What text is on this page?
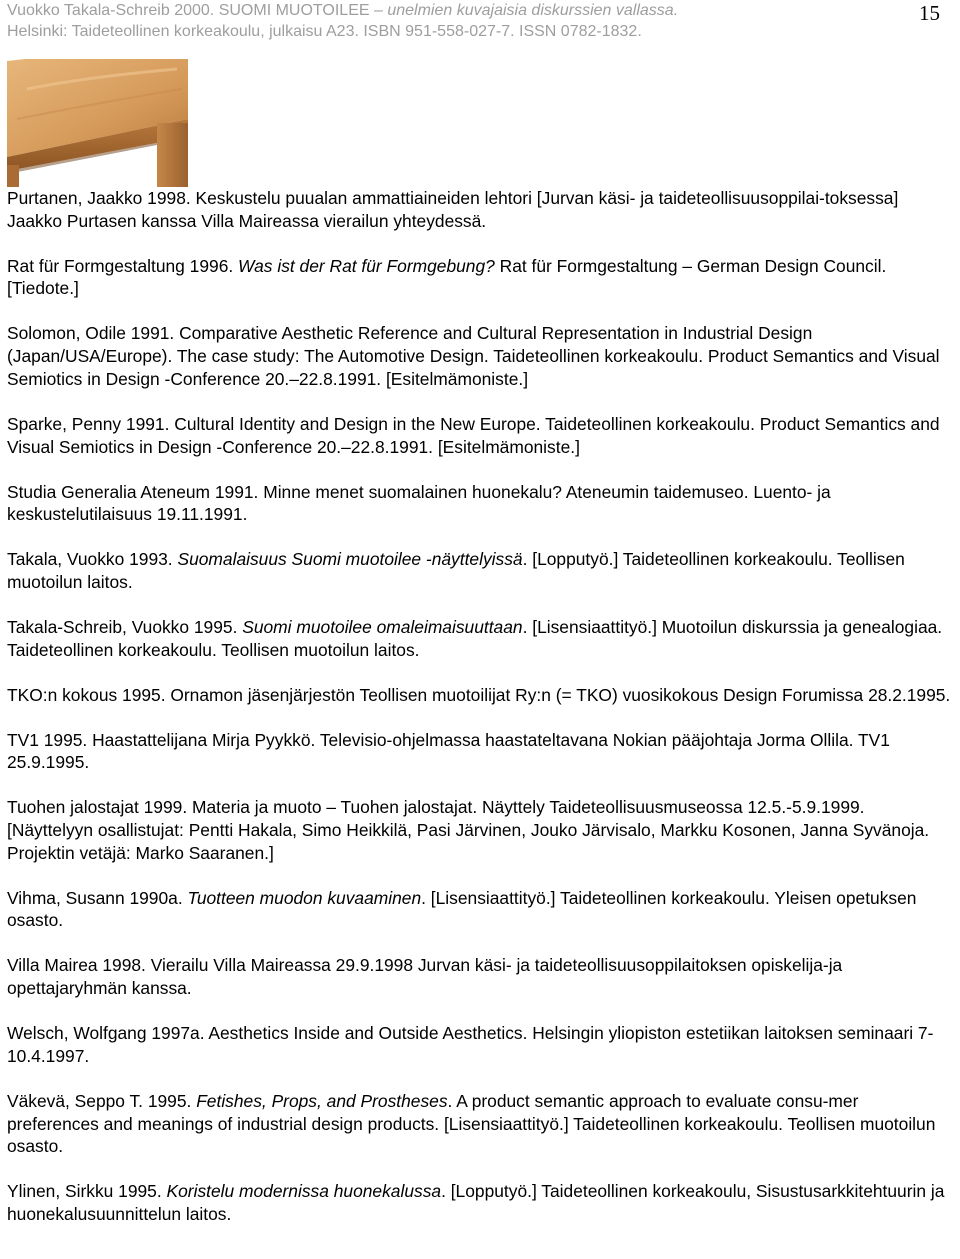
Vuokko Takala-Schreib 2000. SUOMI MUOTOILEE – unelmien kuvajaisia diskurssien vallassa.
Helsinki: Taideteollinen korkeakoulu, julkaisu A23. ISBN 951-558-027-7. ISSN 0782-1832.
15

Purtanen, Jaakko 1998. Keskustelu puualan ammattiaineiden lehtori [Jurvan käsi- ja taideteollisuusoppilai-toksessa] Jaakko Purtasen kanssa Villa Maireassa vierailun yhteydessä.

Rat für Formgestaltung 1996. Was ist der Rat für Formgebung? Rat für Formgestaltung – German Design Council. [Tiedote.]

Solomon, Odile 1991. Comparative Aesthetic Reference and Cultural Representation in Industrial Design (Japan/USA/Europe). The case study: The Automotive Design. Taideteollinen korkeakoulu. Product Semantics and Visual Semiotics in Design -Conference 20.–22.8.1991. [Esitelmämoniste.]

Sparke, Penny 1991. Cultural Identity and Design in the New Europe. Taideteollinen korkeakoulu. Product Semantics and Visual Semiotics in Design -Conference 20.–22.8.1991. [Esitelmämoniste.]

Studia Generalia Ateneum 1991. Minne menet suomalainen huonekalu? Ateneumin taidemuseo. Luento- ja keskustelutilaisuus 19.11.1991.

Takala, Vuokko 1993. Suomalaisuus Suomi muotoilee -näyttelyissä. [Lopputyö.] Taideteollinen korkeakoulu. Teollisen muotoilun laitos.

Takala-Schreib, Vuokko 1995. Suomi muotoilee omaleimaisuuttaan. [Lisensiaattityö.] Muotoilun diskurssia ja genealogiaa. Taideteollinen korkeakoulu. Teollisen muotoilun laitos.

TKO:n kokous 1995. Ornamon jäsenjärjestön Teollisen muotoilijat Ry:n (= TKO) vuosikokous Design Forumissa 28.2.1995.

TV1 1995. Haastattelijana Mirja Pyykkö. Televisio-ohjelmassa haastateltavana Nokian pääjohtaja Jorma Ollila. TV1 25.9.1995.

Tuohen jalostajat 1999. Materia ja muoto – Tuohen jalostajat. Näyttely Taideteollisuusmuseossa 12.5.-5.9.1999. [Näyttelyyn osallistujat: Pentti Hakala, Simo Heikkilä, Pasi Järvinen, Jouko Järvisalo, Markku Kosonen, Janna Syvänoja. Projektin vetäjä: Marko Saaranen.]

Vihma, Susann 1990a. Tuotteen muodon kuvaaminen. [Lisensiaattityö.] Taideteollinen korkeakoulu. Yleisen opetuksen osasto.

Villa Mairea 1998. Vierailu Villa Maireassa 29.9.1998 Jurvan käsi- ja taideteollisuusoppilaitoksen opiskelija-ja opettajaryhmän kanssa.

Welsch, Wolfgang 1997a. Aesthetics Inside and Outside Aesthetics. Helsingin yliopiston estetiikan laitoksen seminaari 7-10.4.1997.

Väkevä, Seppo T. 1995. Fetishes, Props, and Prostheses. A product semantic approach to evaluate consu-mer preferences and meanings of industrial design products. [Lisensiaattityö.] Taideteollinen korkeakoulu. Teollisen muotoilun osasto.

Ylinen, Sirkku 1995. Koristelu modernissa huonekalussa. [Lopputyö.] Taideteollinen korkeakoulu, Sisustusarkkitehtuurin ja huonekalusuunnittelun laitos.
